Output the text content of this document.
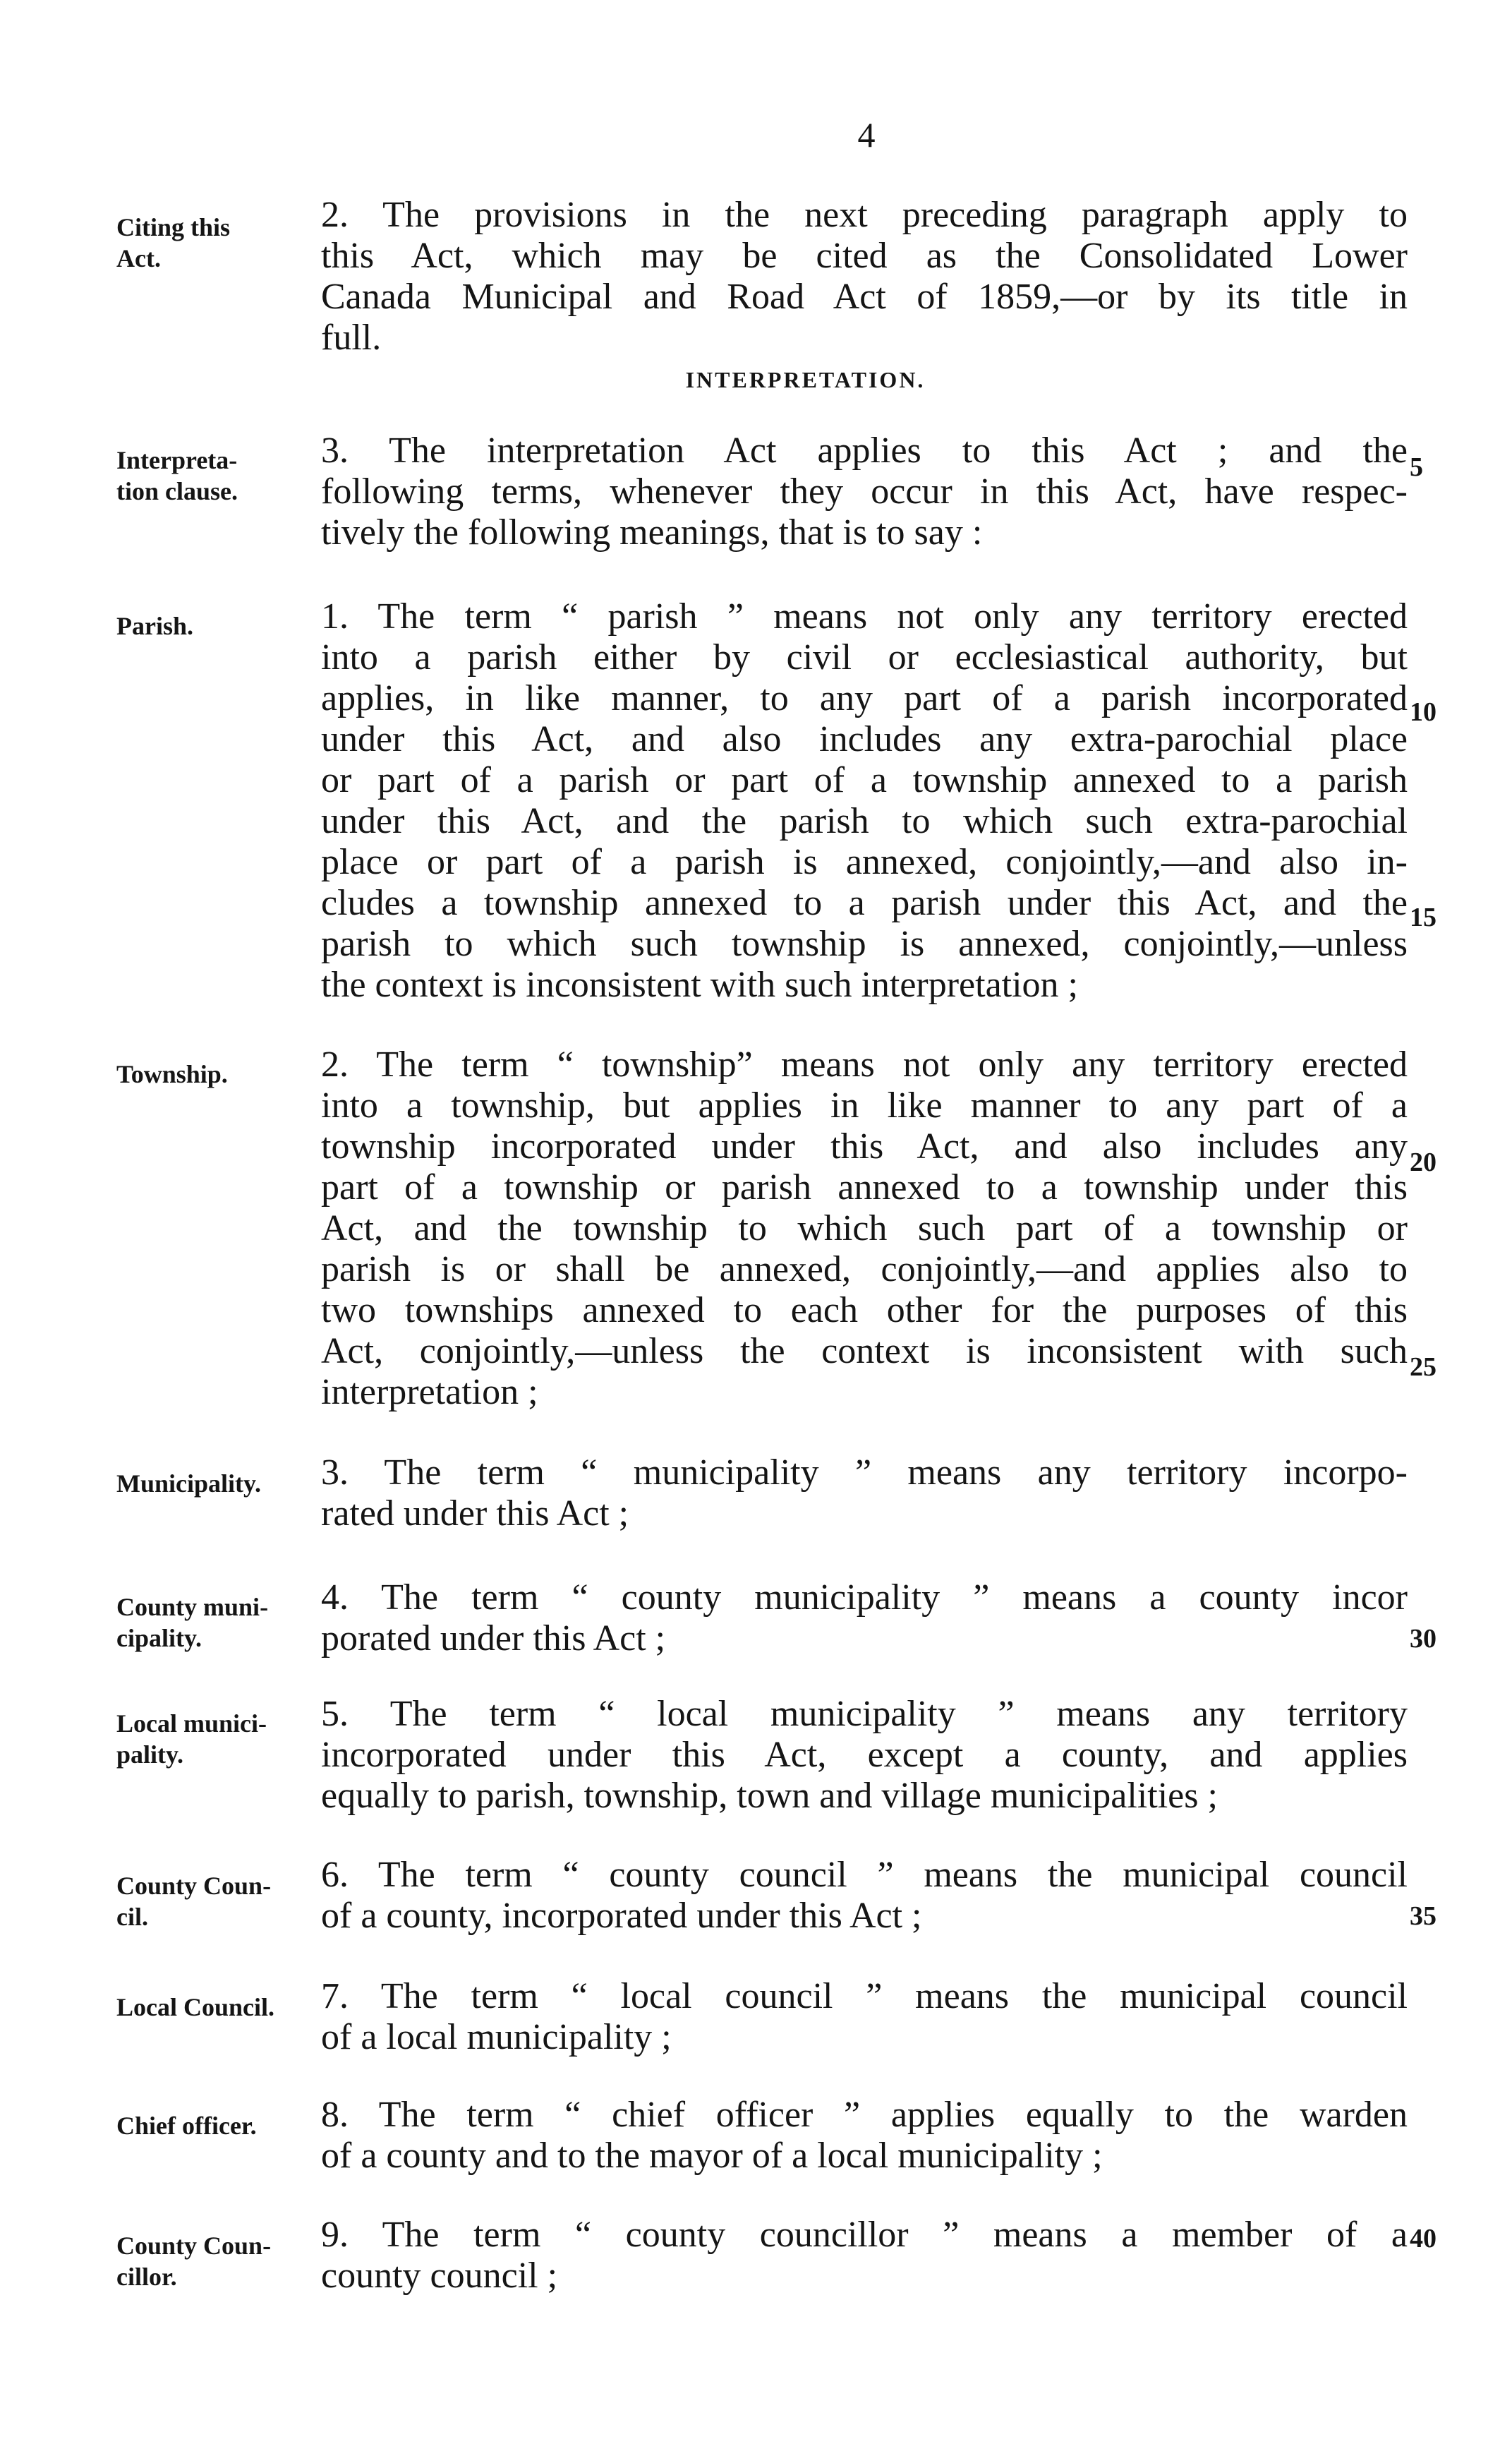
4
Citing this
Act.
2. The provisions in the next preceding paragraph apply to
this Act, which may be cited as the Consolidated Lower
Canada Municipal and Road Act of 1859,—or by its title in
full.
INTERPRETATION.
Interpreta-
tion clause.
3. The interpretation Act applies to this Act ; and the
following terms, whenever they occur in this Act, have respec-
tively the following meanings, that is to say :
Parish.	1. The term “ parish ” means not only any territory erected
into a parish either by civil or ecclesiastical authority, but
applies, in like manner, to any part of a parish incorporated
under this Act, and also includes any extra-parochial place
or part of a parish or part of a township annexed to a parish
under this Act, and the parish to which such extra-parochial
place or part of a parish is annexed, conjointly,—and also in-
cludes a township annexed to a parish under this Act, and the
parish to which such township is annexed, conjointly,—unless
the context is inconsistent with such interpretation ;
Township.	2. The term “ township” means not only any territory erected
into a township, but applies in like manner to any part of a
township incorporated under this Act, and also includes any
part of a township or parish annexed to a township under this
Act, and the township to which such part of a township or
parish is or shall be annexed, conjointly,—and applies also to
two townships annexed to each other for the purposes of this
Act, conjointly,—unless the context is inconsistent with such
interpretation ;
Municipality.	3. The term “ municipality ” means any territory incorpo-
rated under this Act ;
County muni-
cipality.
4. The term “ county municipality ” means a county incor
porated under this Act ;
Local munici-
pality.
5. The term “ local municipality ” means any territory
incorporated under this Act, except a county, and applies
equally to parish, township, town and village municipalities ;
County Coun-
cil.
6. The term “ county council ” means the municipal council
of a county, incorporated under this Act ;
Local Council.	7. The term “ local council ” means the municipal council
of a local municipality ;
Chief officer.	8. The term “ chief officer ” applies equally to the warden
of a county and to the mayor of a local municipality ;
County Coun-
cillor.
9. The term “ county councillor ” means a member of a
county council ;
5
10
15
20
25
30
35
40
